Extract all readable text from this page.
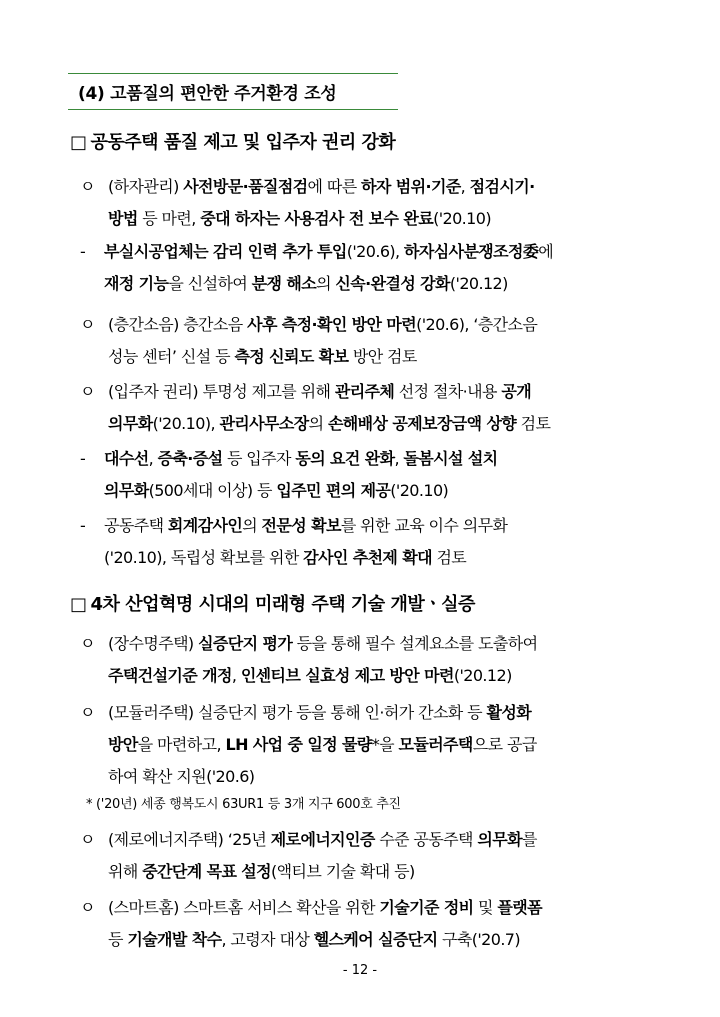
(4) 고품질의 편안한 주거환경 조성
□ 공동주택 품질 제고 및 입주자 권리 강화
ㅇ (하자관리) 사전방문·품질점검에 따른 하자 범위·기준, 점검시기·
방법 등 마련, 중대 하자는 사용검사 전 보수 완료('20.10)
- 부실시공업체는 감리 인력 추가 투입('20.6), 하자심사분쟁조정委에
재정 기능을 신설하여 분쟁 해소의 신속·완결성 강화('20.12)
ㅇ (층간소음) 층간소음 사후 측정·확인 방안 마련('20.6), ‘층간소음
성능 센터’ 신설 등 측정 신뢰도 확보 방안 검토
ㅇ (입주자 권리) 투명성 제고를 위해 관리주체 선정 절차·내용 공개
의무화('20.10), 관리사무소장의 손해배상 공제보장금액 상향 검토
- 대수선, 증축·증설 등 입주자 동의 요건 완화, 돌봄시설 설치
의무화(500세대 이상) 등 입주민 편의 제공('20.10)
- 공동주택 회계감사인의 전문성 확보를 위한 교육 이수 의무화
('20.10), 독립성 확보를 위한 감사인 추천제 확대 검토
□ 4차 산업혁명 시대의 미래형 주택 기술 개발ㆍ실증
ㅇ (장수명주택) 실증단지 평가 등을 통해 필수 설계요소를 도출하여
주택건설기준 개정, 인센티브 실효성 제고 방안 마련('20.12)
ㅇ (모듈러주택) 실증단지 평가 등을 통해 인·허가 간소화 등 활성화
방안을 마련하고, LH 사업 중 일정 물량*을 모듈러주택으로 공급
하여 확산 지원('20.6)
* ('20년) 세종 행복도시 63UR1 등 3개 지구 600호 추진
ㅇ (제로에너지주택) ‘25년 제로에너지인증 수준 공동주택 의무화를
위해 중간단계 목표 설정(액티브 기술 확대 등)
ㅇ (스마트홈) 스마트홈 서비스 확산을 위한 기술기준 정비 및 플랫폼
등 기술개발 착수, 고령자 대상 헬스케어 실증단지 구축('20.7)
- 12 -
